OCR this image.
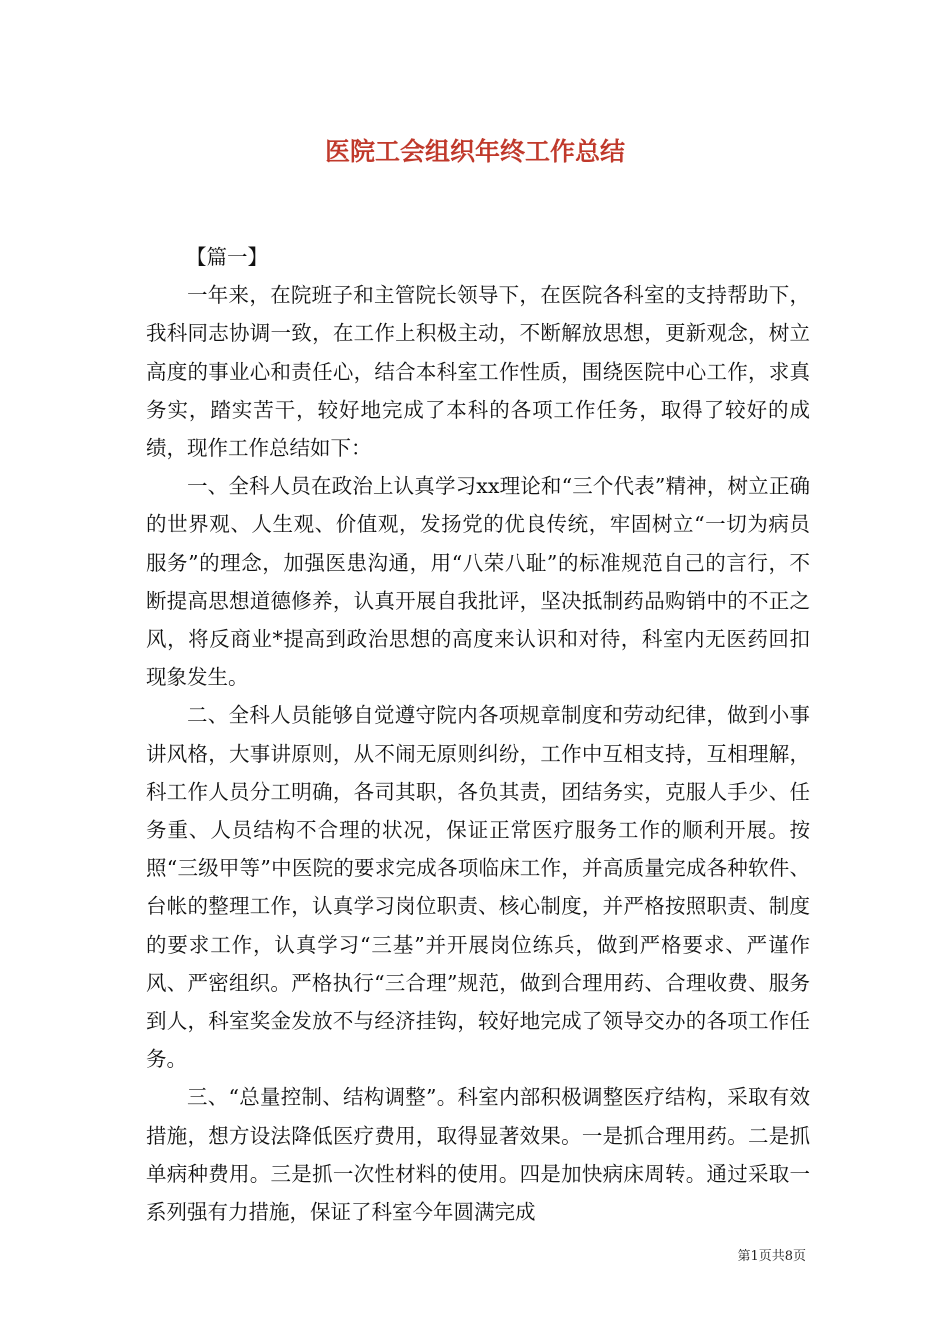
医院工会组织年终工作总结
【篇一】

一年来，在院班子和主管院长领导下，在医院各科室的支持帮助下，我科同志协调一致，在工作上积极主动，不断解放思想，更新观念，树立高度的事业心和责任心，结合本科室工作性质，围绕医院中心工作，求真务实，踏实苦干，较好地完成了本科的各项工作任务，取得了较好的成绩，现作工作总结如下：

一、全科人员在政治上认真学习xx理论和“三个代表”精神，树立正确的世界观、人生观、价值观，发扬党的优良传统，牢固树立“一切为病员服务”的理念，加强医患沟通，用“八荣八耻”的标准规范自己的言行，不断提高思想道德修养，认真开展自我批评，坚决抵制药品购销中的不正之风，将反商业*提高到政治思想的高度来认识和对待，科室内无医药回扣现象发生。

二、全科人员能够自觉遵守院内各项规章制度和劳动纪律，做到小事讲风格，大事讲原则，从不闹无原则纠纷，工作中互相支持，互相理解，科工作人员分工明确，各司其职，各负其责，团结务实，克服人手少、任务重、人员结构不合理的状况，保证正常医疗服务工作的顺利开展。按照“三级甲等”中医院的要求完成各项临床工作，并高质量完成各种软件、台帐的整理工作，认真学习岗位职责、核心制度，并严格按照职责、制度的要求工作，认真学习“三基”并开展岗位练兵，做到严格要求、严谨作风、严密组织。严格执行“三合理”规范，做到合理用药、合理收费、服务到人，科室奖金发放不与经济挂钩，较好地完成了领导交办的各项工作任务。

三、“总量控制、结构调整”。科室内部积极调整医疗结构，采取有效措施，想方设法降低医疗费用，取得显著效果。一是抓合理用药。二是抓单病种费用。三是抓一次性材料的使用。四是加快病床周转。通过采取一系列强有力措施，保证了科室今年圆满完成

第1页共8页
